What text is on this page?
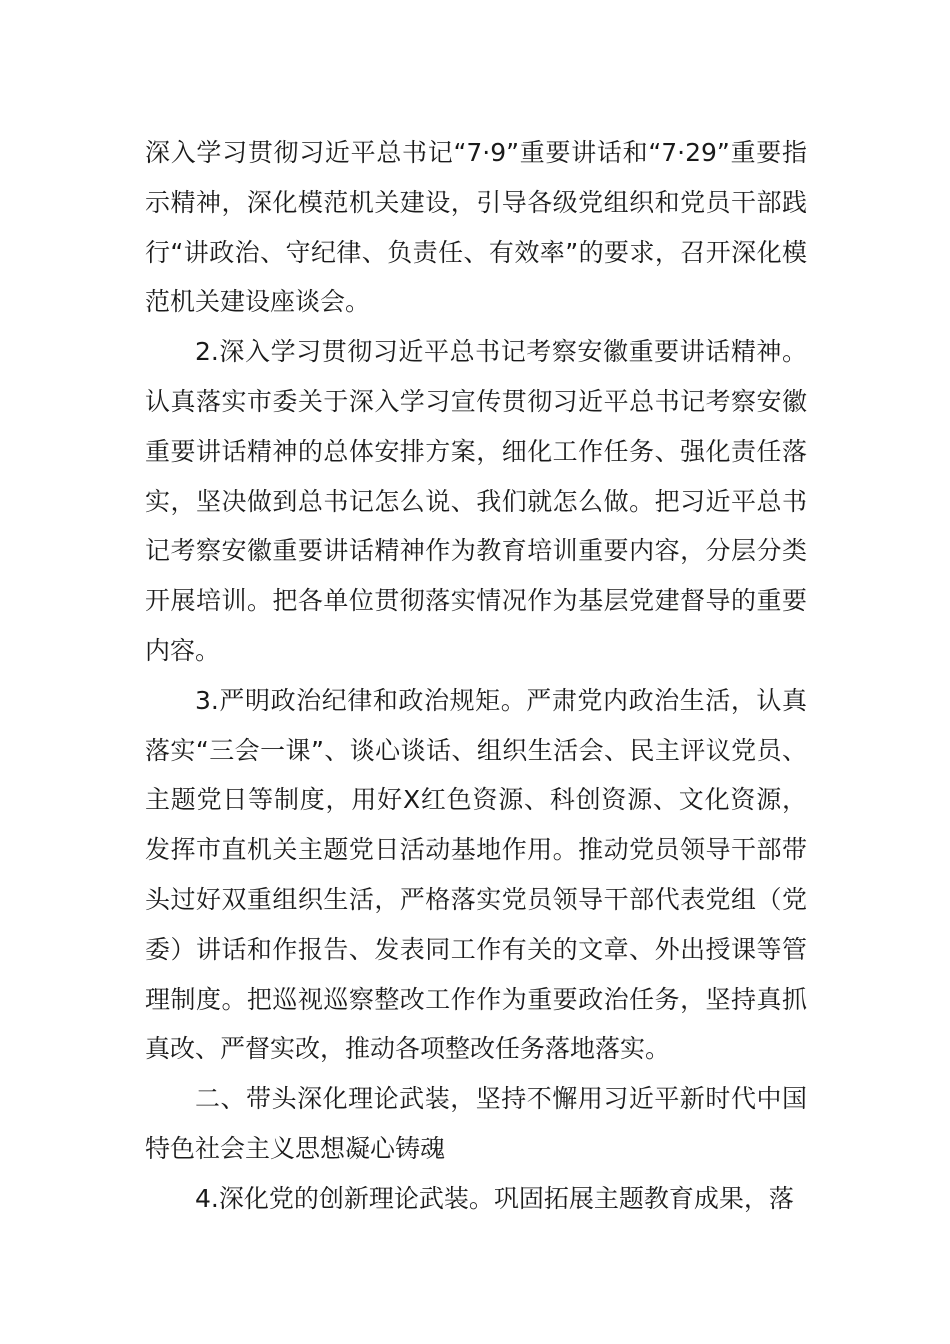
深入学习贯彻习近平总书记“7·9”重要讲话和“7·29”重要指示精神，深化模范机关建设，引导各级党组织和党员干部践行“讲政治、守纪律、负责任、有效率”的要求，召开深化模范机关建设座谈会。

2.深入学习贯彻习近平总书记考察安徽重要讲话精神。认真落实市委关于深入学习宣传贯彻习近平总书记考察安徽重要讲话精神的总体安排方案，细化工作任务、强化责任落实，坚决做到总书记怎么说、我们就怎么做。把习近平总书记考察安徽重要讲话精神作为教育培训重要内容，分层分类开展培训。把各单位贯彻落实情况作为基层党建督导的重要内容。

3.严明政治纪律和政治规矩。严肃党内政治生活，认真落实“三会一课”、谈心谈话、组织生活会、民主评议党员、主题党日等制度，用好X红色资源、科创资源、文化资源，发挥市直机关主题党日活动基地作用。推动党员领导干部带头过好双重组织生活，严格落实党员领导干部代表党组（党委）讲话和作报告、发表同工作有关的文章、外出授课等管理制度。把巡视巡察整改工作作为重要政治任务，坚持真抓真改、严督实改，推动各项整改任务落地落实。

二、带头深化理论武装，坚持不懈用习近平新时代中国特色社会主义思想凝心铸魂

4.深化党的创新理论武装。巩固拓展主题教育成果，落
